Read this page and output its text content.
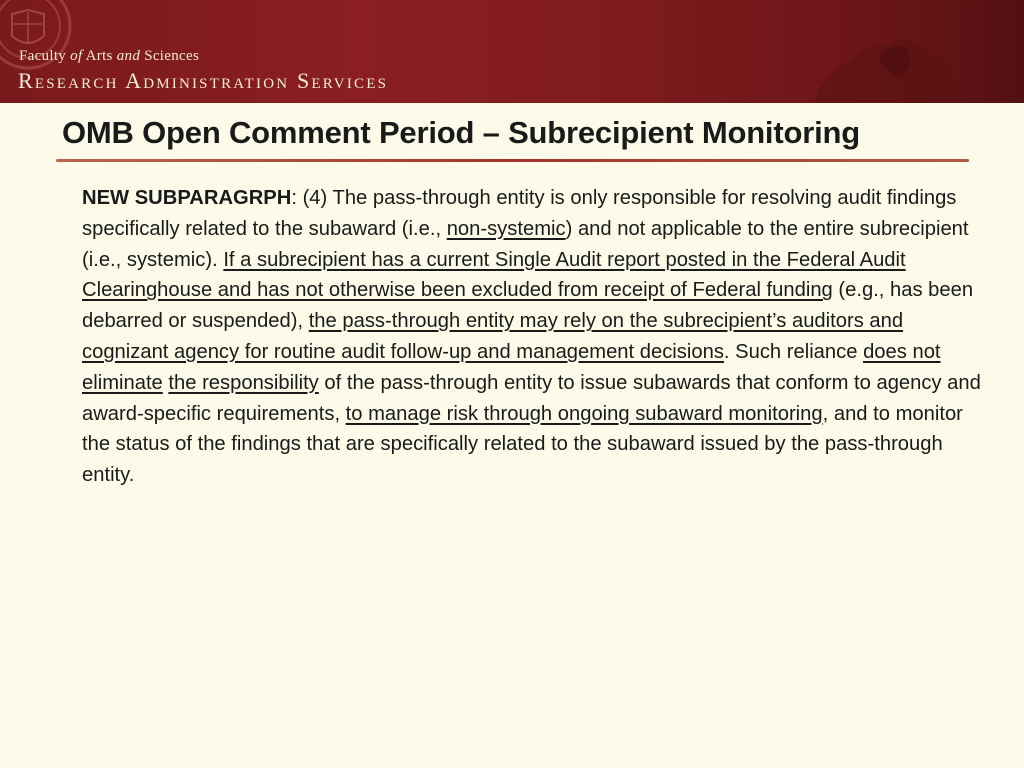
Faculty of Arts and Sciences
Research Administration Services
OMB Open Comment Period – Subrecipient Monitoring
NEW SUBPARAGRPH: (4) The pass-through entity is only responsible for resolving audit findings specifically related to the subaward (i.e., non-systemic) and not applicable to the entire subrecipient (i.e., systemic). If a subrecipient has a current Single Audit report posted in the Federal Audit Clearinghouse and has not otherwise been excluded from receipt of Federal funding (e.g., has been debarred or suspended), the pass-through entity may rely on the subrecipient’s auditors and cognizant agency for routine audit follow-up and management decisions. Such reliance does not eliminate the responsibility of the pass-through entity to issue subawards that conform to agency and award-specific requirements, to manage risk through ongoing subaward monitoring, and to monitor the status of the findings that are specifically related to the subaward issued by the pass-through entity.
